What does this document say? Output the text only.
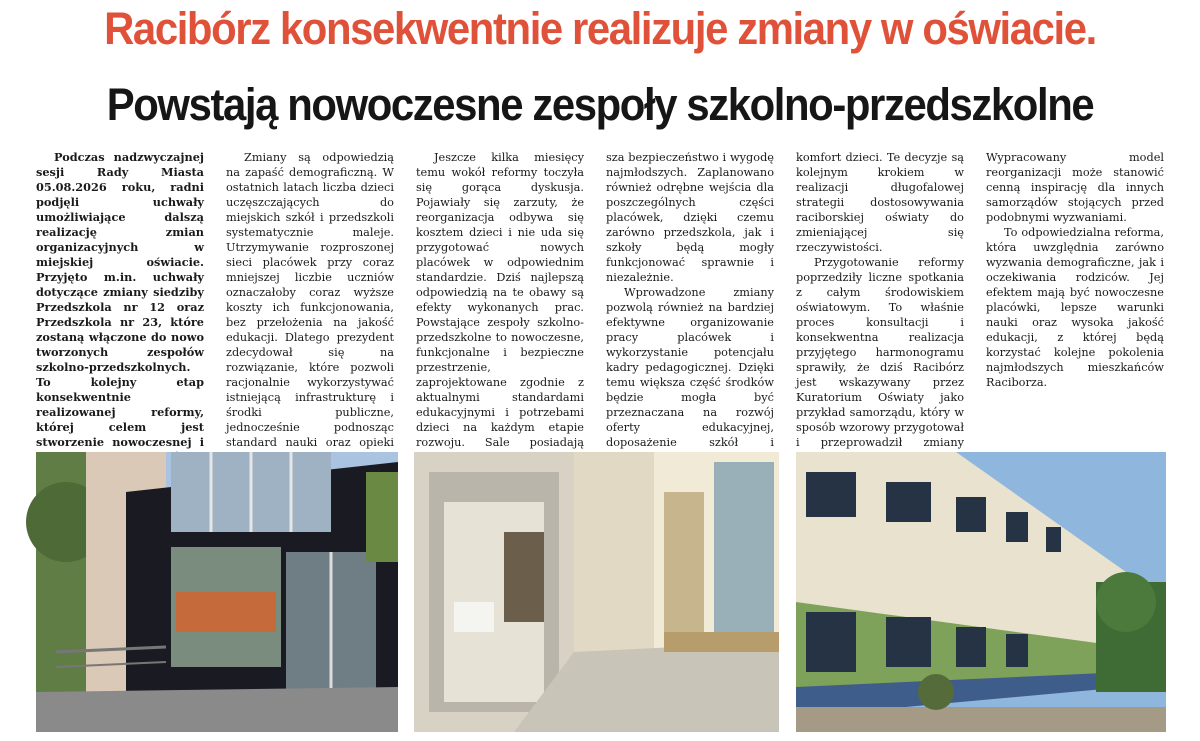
Racibórz konsekwentnie realizuje zmiany w oświacie.
Powstają nowoczesne zespoły szkolno-przedszkolne

Podczas nadzwyczajnej sesji Rady Miasta 05.08.2026 roku, radni podjęli uchwały umożliwiające dalszą realizację zmian organizacyjnych w miejskiej oświacie. Przyjęto m.in. uchwały dotyczące zmiany siedziby Przedszkola nr 12 oraz Przedszkola nr 23, które zostaną włączone do nowo tworzonych zespołów szkolno-przedszkolnych. To kolejny etap konsekwentnie realizowanej reformy, której celem jest stworzenie nowoczesnej i

Zmiany są odpowiedzią na zapaść demograficzną. W ostatnich latach liczba dzieci uczęszczających do miejskich szkół i przedszkoli systematycznie maleje. Utrzymywanie rozproszonej sieci placówek przy coraz mniejszej liczbie uczniów oznaczałoby coraz wyższe koszty ich funkcjonowania, bez przełożenia na jakość edukacji. Dlatego prezydent zdecydował się na rozwiązanie, które pozwoli racjonalnie wykorzystywać istniejącą infrastrukturę i środki publiczne, jednocześnie podnosząc standard nauki oraz opieki

Jeszcze kilka miesięcy temu wokół reformy toczyła się gorąca dyskusja. Pojawiały się zarzuty, że reorganizacja odbywa się kosztem dzieci i nie uda się przygotować nowych placówek w odpowiednim standardzie. Dziś najlepszą odpowiedzią na te obawy są efekty wykonanych prac. Powstające zespoły szkolno-przedszkolne to nowoczesne, funkcjonalne i bezpieczne przestrzenie, zaprojektowane zgodnie z aktualnymi standardami edukacyjnymi i potrzebami dzieci na każdym etapie rozwoju. Sale posiadają

sza bezpieczeństwo i wygodę najmłodszych. Zaplanowano również odrębne wejścia dla poszczególnych części placówek, dzięki czemu zarówno przedszkola, jak i szkoły będą mogły funkcjonować sprawnie i niezależnie.

Wprowadzone zmiany pozwolą również na bardziej efektywne organizowanie pracy placówek i wykorzystanie potencjału kadry pedagogicznej. Dzięki temu większa część środków będzie mogła być przeznaczana na rozwój oferty edukacyjnej, doposażenie szkół i

komfort dzieci. Te decyzje są kolejnym krokiem w realizacji długofalowej strategii dostosowywania raciborskiej oświaty do zmieniającej się rzeczywistości.

Przygotowanie reformy poprzedziły liczne spotkania z całym środowiskiem oświatowym. To właśnie proces konsultacji i konsekwentna realizacja przyjętego harmonogramu sprawiły, że dziś Racibórz jest wskazywany przez Kuratorium Oświaty jako przykład samorządu, który w sposób wzorowy przygotował i przeprowadził zmiany

Wypracowany model reorganizacji może stanowić cenną inspirację dla innych samorządów stojących przed podobnymi wyzwaniami.

To odpowiedzialna reforma, która uwzględnia zarówno wyzwania demograficzne, jak i oczekiwania rodziców. Jej efektem mają być nowoczesne placówki, lepsze warunki nauki oraz wysoka jakość edukacji, z której będą korzystać kolejne pokolenia najmłodszych mieszkańców Raciborza.
